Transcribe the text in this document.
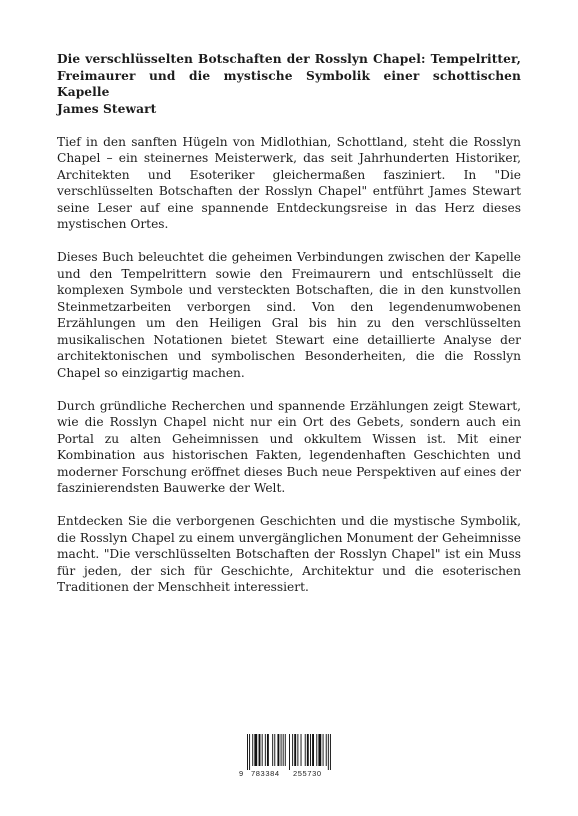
Die verschlüsselten Botschaften der Rosslyn Chapel: Tempelritter, Freimaurer und die mystische Symbolik einer schottischen Kapelle
James Stewart

Tief in den sanften Hügeln von Midlothian, Schottland, steht die Rosslyn Chapel – ein steinernes Meisterwerk, das seit Jahrhunderten Historiker, Architekten und Esoteriker gleichermaßen fasziniert. In "Die verschlüsselten Botschaften der Rosslyn Chapel" entführt James Stewart seine Leser auf eine spannende Entdeckungsreise in das Herz dieses mystischen Ortes.

Dieses Buch beleuchtet die geheimen Verbindungen zwischen der Kapelle und den Tempelrittern sowie den Freimaurern und entschlüsselt die komplexen Symbole und versteckten Botschaften, die in den kunstvollen Steinmetzarbeiten verborgen sind. Von den legendenumwobenen Erzählungen um den Heiligen Gral bis hin zu den verschlüsselten musikalischen Notationen bietet Stewart eine detaillierte Analyse der architektonischen und symbolischen Besonderheiten, die die Rosslyn Chapel so einzigartig machen.

Durch gründliche Recherchen und spannende Erzählungen zeigt Stewart, wie die Rosslyn Chapel nicht nur ein Ort des Gebets, sondern auch ein Portal zu alten Geheimnissen und okkultem Wissen ist. Mit einer Kombination aus historischen Fakten, legendenhaften Geschichten und moderner Forschung eröffnet dieses Buch neue Perspektiven auf eines der faszinierendsten Bauwerke der Welt.

Entdecken Sie die verborgenen Geschichten und die mystische Symbolik, die Rosslyn Chapel zu einem unvergänglichen Monument der Geheimnisse macht. "Die verschlüsselten Botschaften der Rosslyn Chapel" ist ein Muss für jeden, der sich für Geschichte, Architektur und die esoterischen Traditionen der Menschheit interessiert.

9 783384 255730
